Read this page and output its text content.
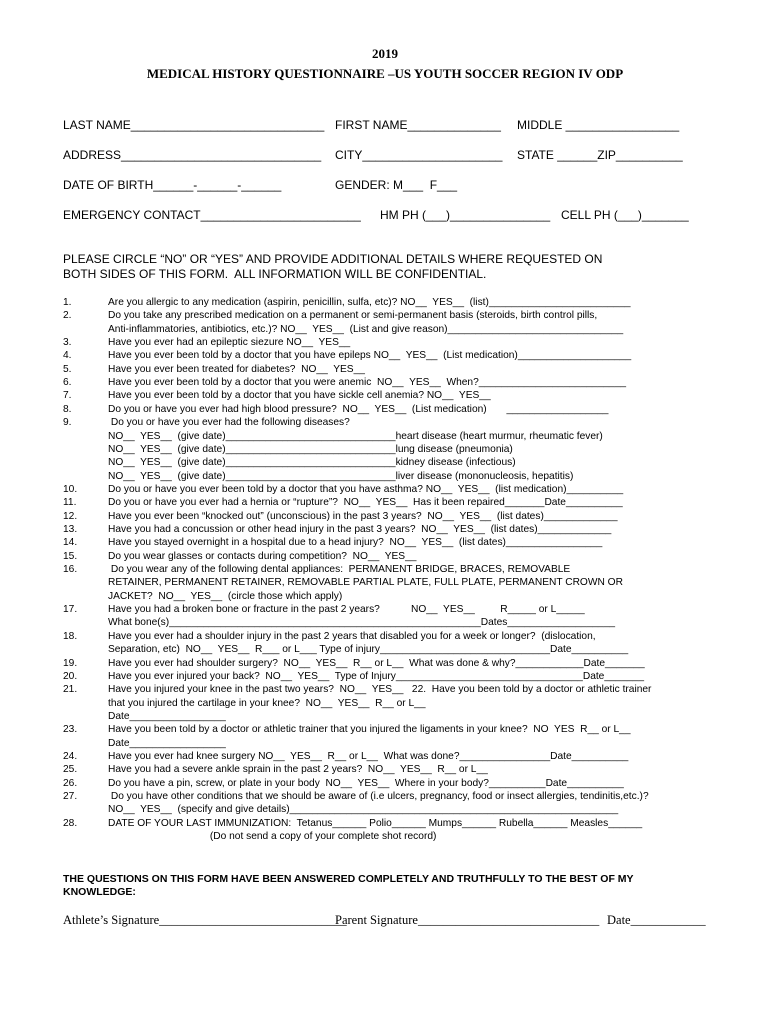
2019
MEDICAL HISTORY QUESTIONNAIRE –US YOUTH SOCCER REGION IV ODP
LAST NAME_____________________________ FIRST NAME______________ MIDDLE _________________
ADDRESS______________________________ CITY_____________________ STATE ______ZIP__________
DATE OF BIRTH______-______-______	GENDER: M___  F___
EMERGENCY CONTACT________________________ HM PH (___)_______________ CELL PH (___)_______
PLEASE CIRCLE “NO” OR “YES” AND PROVIDE ADDITIONAL DETAILS WHERE REQUESTED ON
BOTH SIDES OF THIS FORM.  ALL INFORMATION WILL BE CONFIDENTIAL.
1.	Are you allergic to any medication (aspirin, penicillin, sulfa, etc)? NO__  YES__  (list)_________________________
2.	Do you take any prescribed medication on a permanent or semi-permanent basis (steroids, birth control pills,
Anti-inflammatories, antibiotics, etc.)? NO__  YES__  (List and give reason)_______________________________
3.	Have you ever had an epileptic siezure NO__  YES__
4.	Have you ever been told by a doctor that you have epileps NO__  YES__  (List medication)____________________
5.	Have you ever been treated for diabetes?  NO__  YES__
6.	Have you ever been told by a doctor that you were anemic  NO__  YES__  When?__________________________
7.	Have you ever been told by a doctor that you have sickle cell anemia? NO__  YES__
8.	Do you or have you ever had high blood pressure?  NO__  YES__  (List medication)       __________________
9.	Do you or have you ever had the following diseases?
NO__  YES__  (give date)______________________________heart disease (heart murmur, rheumatic fever)
NO__  YES__  (give date)______________________________lung disease (pneumonia)
NO__  YES__  (give date)______________________________kidney disease (infectious)
NO__  YES__  (give date)______________________________liver disease (mononucleosis, hepatitis)
10.	Do you or have you ever been told by a doctor that you have asthma? NO__  YES__  (list medication)__________
11.	Do you or have you ever had a hernia or “rupture”?  NO__  YES__  Has it been repaired_______Date__________
12.	Have you ever been “knocked out” (unconscious) in the past 3 years?  NO__  YES__  (list dates)_____________
13.	Have you had a concussion or other head injury in the past 3 years?  NO__  YES__  (list dates)_____________
14.	Have you stayed overnight in a hospital due to a head injury?  NO__  YES__  (list dates)_________________
15.	Do you wear glasses or contacts during competition?  NO__  YES__
16.	Do you wear any of the following dental appliances:  PERMANENT BRIDGE, BRACES, REMOVABLE
RETAINER, PERMANENT RETAINER, REMOVABLE PARTIAL PLATE, FULL PLATE, PERMANENT CROWN OR
JACKET?  NO__  YES__  (circle those which apply)
17.	Have you had a broken bone or fracture in the past 2 years?           NO__  YES__         R_____ or L_____
What bone(s)_______________________________________________________Dates___________________
18.	Have you ever had a shoulder injury in the past 2 years that disabled you for a week or longer?  (dislocation,
Separation, etc)  NO__  YES__  R___ or L___ Type of injury______________________________Date__________
19.	Have you ever had shoulder surgery?  NO__  YES__  R__ or L__  What was done & why?____________Date_______
20.	Have you ever injured your back?  NO__  YES__  Type of Injury_________________________________Date_______
21.	Have you injured your knee in the past two years?  NO__  YES__   22.  Have you been told by a doctor or athletic trainer
that you injured the cartilage in your knee?  NO__  YES__  R__ or L__
Date_________________
23.	Have you been told by a doctor or athletic trainer that you injured the ligaments in your knee?  NO  YES  R__ or L__
Date_________________
24.	Have you ever had knee surgery NO__  YES__  R__ or L__  What was done?________________Date__________
25.	Have you had a severe ankle sprain in the past 2 years?  NO__  YES__  R__ or L__
26.	Do you have a pin, screw, or plate in your body  NO__  YES__  Where in your body?__________Date__________
27.	Do you have other conditions that we should be aware of (i.e ulcers, pregnancy, food or insect allergies, tendinitis,etc.)?
NO__  YES__  (specify and give details)__________________________________________________________
28.	DATE OF YOUR LAST IMMUNIZATION:  Tetanus______ Polio______ Mumps______ Rubella______ Measles______
(Do not send a copy of your complete shot record)
THE QUESTIONS ON THIS FORM HAVE BEEN ANSWERED COMPLETELY AND TRUTHFULLY TO THE BEST OF MY
KNOWLEDGE:
Athlete’s Signature______________________________
Parent Signature_____________________________ Date____________
